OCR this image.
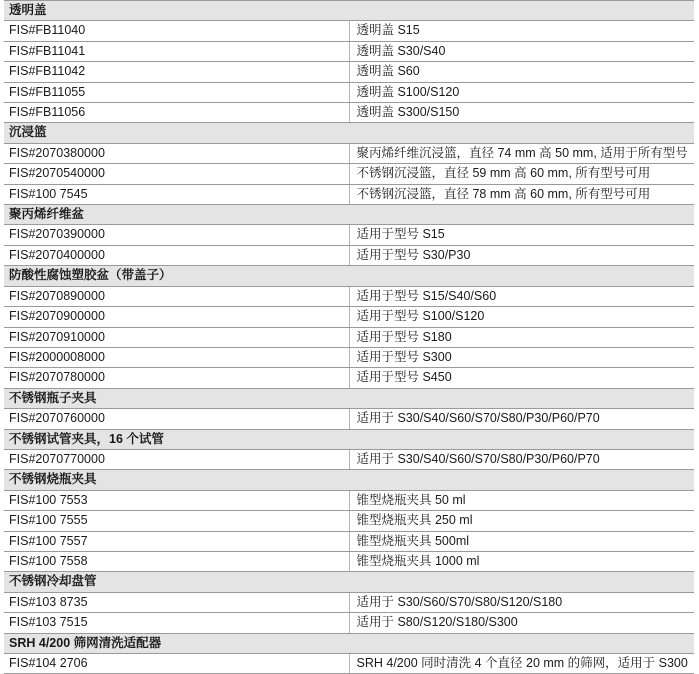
透明盖	
FIS#FB11040	透明盖 S15
FIS#FB11041	透明盖 S30/S40
FIS#FB11042	透明盖 S60
FIS#FB11055	透明盖 S100/S120
FIS#FB11056	透明盖 S300/S150
沉浸篮	
FIS#2070380000	聚丙烯纤维沉浸篮，直径 74 mm 高 50 mm, 适用于所有型号
FIS#2070540000	不锈钢沉浸篮，直径 59 mm 高 60 mm, 所有型号可用
FIS#100 7545	不锈钢沉浸篮，直径 78 mm 高 60 mm, 所有型号可用
聚丙烯纤维盆	
FIS#2070390000	适用于型号 S15
FIS#2070400000	适用于型号 S30/P30
防酸性腐蚀塑胶盆（带盖子）	
FIS#2070890000	适用于型号 S15/S40/S60
FIS#2070900000	适用于型号 S100/S120
FIS#2070910000	适用于型号 S180
FIS#2000008000	适用于型号 S300
FIS#2070780000	适用于型号 S450
不锈钢瓶子夹具	
FIS#2070760000	适用于 S30/S40/S60/S70/S80/P30/P60/P70
不锈钢试管夹具，16 个试管	
FIS#2070770000	适用于 S30/S40/S60/S70/S80/P30/P60/P70
不锈钢烧瓶夹具	
FIS#100 7553	锥型烧瓶夹具 50 ml
FIS#100 7555	锥型烧瓶夹具 250 ml
FIS#100 7557	锥型烧瓶夹具 500ml
FIS#100 7558	锥型烧瓶夹具 1000 ml
不锈钢冷却盘管	
FIS#103 8735	适用于 S30/S60/S70/S80/S120/S180
FIS#103 7515	适用于 S80/S120/S180/S300
SRH 4/200 筛网清洗适配器	
FIS#104 2706	SRH 4/200 同时清洗 4 个直径 20 mm 的筛网，适用于 S300
